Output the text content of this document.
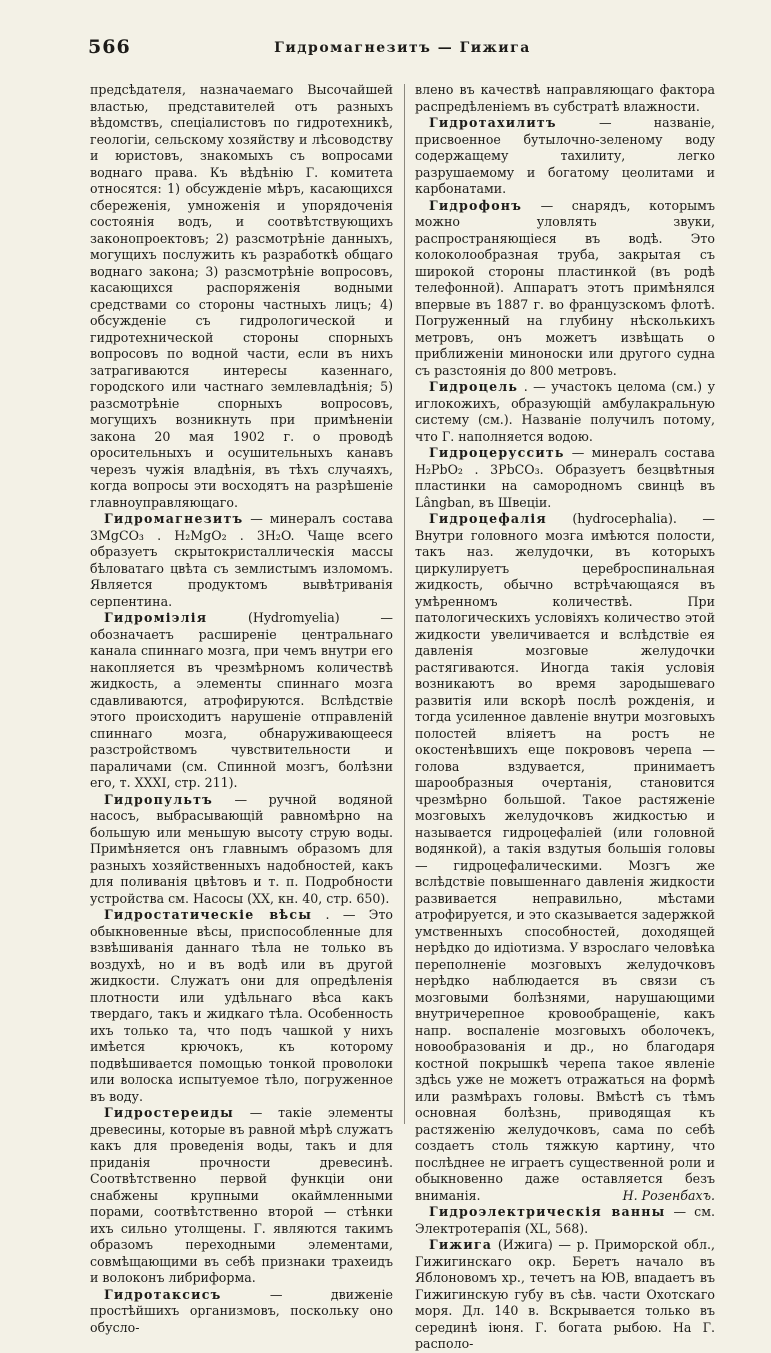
566	Гидромагнезитъ — Гижига

предсѣдателя, назначаемаго Высочайшей властью, представителей отъ разныхъ вѣдомствъ, спеціалистовъ по гидротехникѣ, геологіи, сельскому хозяйству и лѣсоводству и юристовъ, знакомыхъ съ вопросами воднаго права. Къ вѣдѣнію Г. комитета относятся: 1) обсужденіе мѣръ, касающихся сбереженія, умноженія и упорядоченія состоянія водъ, и соотвѣтствующихъ законопроектовъ; 2) разсмотрѣніе данныхъ, могущихъ послужить къ разработкѣ общаго воднаго закона; 3) разсмотрѣніе вопросовъ, касающихся распоряженія водными средствами со стороны частныхъ лицъ; 4) обсужденіе съ гидрологической и гидротехнической стороны спорныхъ вопросовъ по водной части, если въ нихъ затрагиваются интересы казеннаго, городского или частнаго землевладѣнія; 5) разсмотрѣніе спорныхъ вопросовъ, могущихъ возникнуть при примѣненіи закона 20 мая 1902 г. о проводѣ оросительныхъ и осушительныхъ канавъ черезъ чужія владѣнія, въ тѣхъ случаяхъ, когда вопросы эти восходятъ на разрѣшеніе главноуправляющаго.

Гидромагнезитъ — минералъ состава 3MgCO₃ . H₂MgO₂ . 3H₂O. Чаще всего образуетъ скрытокристаллическія массы бѣловатаго цвѣта съ землистымъ изломомъ. Является продуктомъ вывѣтриванія серпентина.

Гидроміэлія	(Hydromyelia) — обозначаетъ расширеніе центральнаго канала спиннаго мозга, при чемъ внутри его накопляется въ чрезмѣрномъ количествѣ жидкость, а элементы спиннаго мозга сдавливаются, атрофируются. Вслѣдствіе этого происходитъ нарушеніе отправленій спиннаго мозга, обнаруживающееся разстройствомъ чувствительности и параличами (см. Спинной мозгъ, болѣзни его, т. XXXI, стр. 211).

Гидропультъ — ручной водяной насосъ, выбрасывающій равномѣрно на большую или меньшую высоту струю воды. Примѣняется онъ главнымъ образомъ для разныхъ хозяйственныхъ надобностей, какъ для поливанія цвѣтовъ и т. п. Подробности устройства см. Насосы (XX, кн. 40, стр. 650).

Гидростатическіе вѣсы . — Это обыкновенные вѣсы, приспособленные для взвѣшиванія даннаго тѣла не только въ воздухѣ, но и въ водѣ или въ другой жидкости. Служатъ они для опредѣленія плотности или удѣльнаго вѣса какъ твердаго, такъ и жидкаго тѣла. Особенность ихъ только та, что подъ чашкой у нихъ имѣется крючокъ, къ которому подвѣшивается помощью тонкой проволоки или волоска испытуемое тѣло, погруженное въ воду.

Гидростереиды — такіе элементы древесины, которые въ равной мѣрѣ служатъ какъ для проведенія воды, такъ и для приданія прочности древесинѣ. Соотвѣтственно первой функціи они снабжены крупными окаймленными порами, соотвѣтственно второй — стѣнки ихъ сильно утолщены. Г. являются такимъ образомъ переходными элементами, совмѣщающими въ себѣ признаки трахеидъ и волоконъ либриформа.

Гидротаксисъ	— движеніе простѣйшихъ организмовъ, поскольку оно обусло-

влено въ качествѣ направляющаго фактора распредѣленіемъ въ субстратѣ влажности.

Гидротахилитъ	— названіе, присвоенное бутылочно-зеленому воду содержащему тахилиту, легко разрушаемому и богатому цеолитами и карбонатами.

Гидрофонъ — снарядъ, которымъ можно уловлять звуки, распространяющіеся въ водѣ. Это колоколообразная труба, закрытая съ широкой стороны пластинкой (въ родѣ телефонной). Аппаратъ этотъ примѣнялся впервые въ 1887 г. во французскомъ флотѣ. Погруженный на глубину нѣсколькихъ метровъ, онъ можетъ извѣщать о приближеніи миноноски или другого судна съ разстоянія до 800 метровъ.

Гидроцель . — участокъ целома (см.) у иглокожихъ, образующій амбулакральную систему (см.). Названіе получилъ потому, что Г. наполняется водою.

Гидроцеруссить — минералъ состава H₂PbO₂ . 3PbCO₃. Образуетъ безцвѣтныя пластинки на самородномъ свинцѣ въ Lângban, въ Швеціи.

Гидроцефалія (hydrocephalia). — Внутри головного мозга имѣются полости, такъ наз. желудочки, въ которыхъ циркулируетъ цереброспинальная жидкость, обычно встрѣчающаяся въ умѣренномъ количествѣ. При патологическихъ условіяхъ количество этой жидкости увеличивается и вслѣдствіе ея давленія мозговые желудочки растягиваются. Иногда такія условія возникаютъ во время зародышеваго развитія или вскорѣ послѣ рожденія, и тогда усиленное давленіе внутри мозговыхъ полостей вліяетъ на ростъ не окостенѣвшихъ еще покрововъ черепа — голова вздувается, принимаетъ шарообразныя очертанія, становится чрезмѣрно большой. Такое растяженіе мозговыхъ желудочковъ жидкостью и называется гидроцефаліей (или головной водянкой), а такія вздутыя большія головы — гидроцефалическими. Мозгъ же вслѣдствіе повышеннаго давленія жидкости развивается неправильно, мѣстами атрофируется, и это сказывается задержкой умственныхъ способностей, доходящей нерѣдко до идіотизма. У взрослаго человѣка переполненіе мозговыхъ желудочковъ нерѣдко наблюдается въ связи съ мозговыми болѣзнями, нарушающими внутричерепное кровообращеніе, какъ напр. воспаленіе мозговыхъ оболочекъ, новообразованія и др., но благодаря костной покрышкѣ черепа такое явленіе здѣсь уже не можетъ отражаться на формѣ или размѣрахъ головы. Вмѣстѣ съ тѣмъ основная болѣзнь, приводящая къ растяженію желудочковъ, сама по себѣ создаетъ столь тяжкую картину, что послѣднее не играетъ существенной роли и обыкновенно даже оставляется безъ вниманія.	Н. Розенбахъ.

Гидроэлектрическія ванны — см. Электротерапія (XL, 568).

Гижига (Ижига) — р. Приморской обл., Гижигинскаго окр. Беретъ начало въ Яблоновомъ хр., течетъ на ЮВ, впадаетъ въ Гижигинскую губу въ сѣв. части Охотскаго моря. Дл. 140 в. Вскрывается только въ серединѣ іюня. Г. богата рыбою. На Г. располо-
